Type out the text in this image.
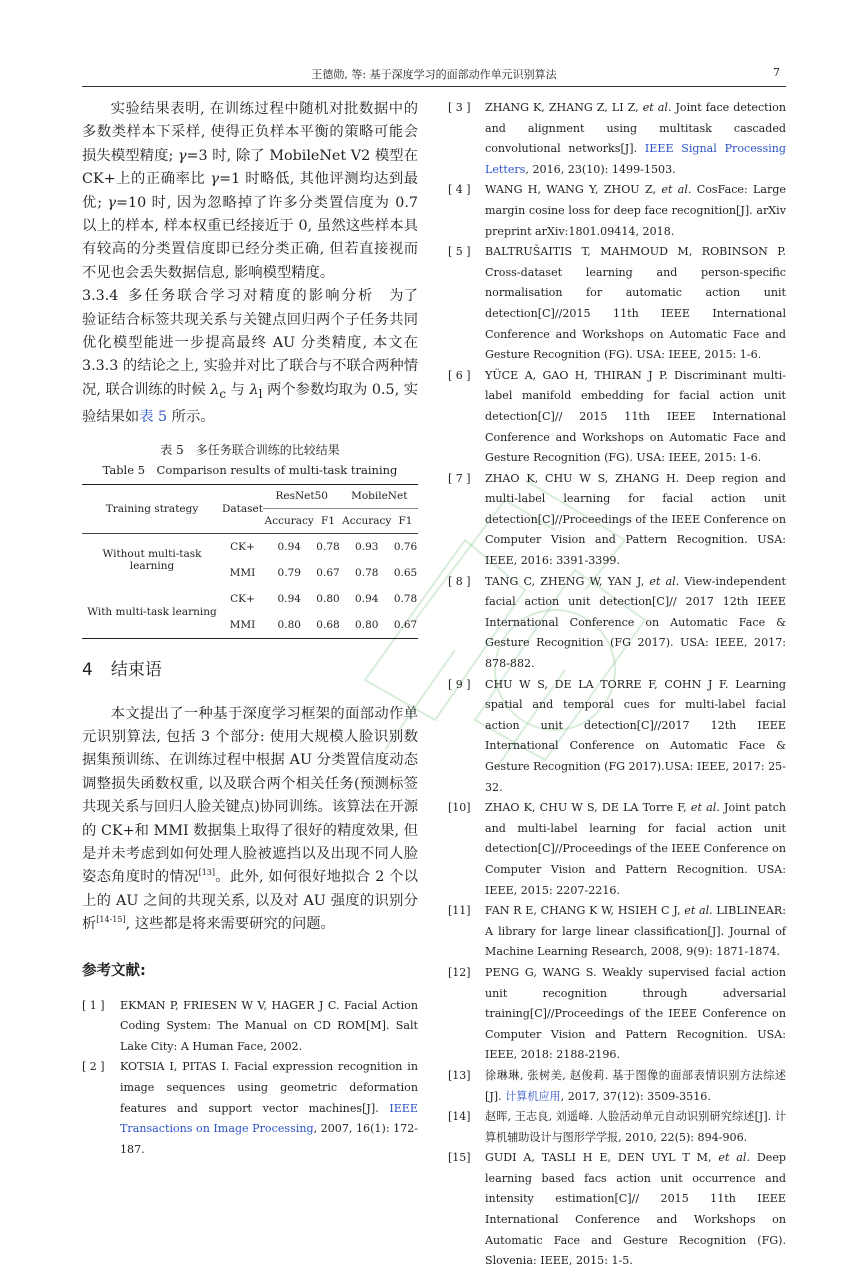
王德勋, 等: 基于深度学习的面部动作单元识别算法	7

实验结果表明, 在训练过程中随机对批数据中的多数类样本下采样, 使得正负样本平衡的策略可能会损失模型精度; γ=3 时, 除了 MobileNet V2 模型在 CK+上的正确率比 γ=1 时略低, 其他评测均达到最优; γ=10 时, 因为忽略掉了许多分类置信度为 0.7 以上的样本, 样本权重已经接近于 0, 虽然这些样本具有较高的分类置信度即已经分类正确, 但若直接视而不见也会丢失数据信息, 影响模型精度。

3.3.4 多任务联合学习对精度的影响分析 为了验证结合标签共现关系与关键点回归两个子任务共同优化模型能进一步提高最终 AU 分类精度, 本文在 3.3.3 的结论之上, 实验并对比了联合与不联合两种情况, 联合训练的时候 $\lambda_c$ 与 $\lambda_l$ 两个参数均取为 0.5, 实验结果如表 5 所示。

表 5　多任务联合训练的比较结果
Table 5　Comparison results of multi-task training
Training strategy	Dataset	ResNet50		MobileNet	
		Accuracy	F1	Accuracy	F1
Without multi-task learning	CK+	0.94	0.78	0.93	0.76
	MMI	0.79	0.67	0.78	0.65
With multi-task learning	CK+	0.94	0.80	0.94	0.78
	MMI	0.80	0.68	0.80	0.67
4 结束语

本文提出了一种基于深度学习框架的面部动作单元识别算法, 包括 3 个部分: 使用大规模人脸识别数据集预训练、在训练过程中根据 AU 分类置信度动态调整损失函数权重, 以及联合两个相关任务(预测标签共现关系与回归人脸关键点)协同训练。该算法在开源的 CK+和 MMI 数据集上取得了很好的精度效果, 但是并未考虑到如何处理人脸被遮挡以及出现不同人脸姿态角度时的情况[13]。此外, 如何很好地拟合 2 个以上的 AU 之间的共现关系, 以及对 AU 强度的识别分析[14-15], 这些都是将来需要研究的问题。

参考文献:

[ 1 ] EKMAN P, FRIESEN W V, HAGER J C. Facial Action Coding System: The Manual on CD ROM[M]. Salt Lake City: A Human Face, 2002.

[ 2 ] KOTSIA I, PITAS I. Facial expression recognition in image sequences using geometric deformation features and support vector machines[J]. IEEE Transactions on Image Processing, 2007, 16(1): 172-187.

[ 3 ] ZHANG K, ZHANG Z, LI Z, et al. Joint face detection and alignment using multitask cascaded convolutional networks[J]. IEEE Signal Processing Letters, 2016, 23(10): 1499-1503.

[ 4 ] WANG H, WANG Y, ZHOU Z, et al. CosFace: Large margin cosine loss for deep face recognition[J]. arXiv preprint arXiv:1801.09414, 2018.

[ 5 ] BALTRUŠAITIS T, MAHMOUD M, ROBINSON P. Cross-dataset learning and person-specific normalisation for automatic action unit detection[C]//2015 11th IEEE International Conference and Workshops on Automatic Face and Gesture Recognition (FG). USA: IEEE, 2015: 1-6.

[ 6 ] YÜCE A, GAO H, THIRAN J P. Discriminant multi-label manifold embedding for facial action unit detection[C]// 2015 11th IEEE International Conference and Workshops on Automatic Face and Gesture Recognition (FG). USA: IEEE, 2015: 1-6.

[ 7 ] ZHAO K, CHU W S, ZHANG H. Deep region and multi-label learning for facial action unit detection[C]//Proceedings of the IEEE Conference on Computer Vision and Pattern Recognition. USA: IEEE, 2016: 3391-3399.

[ 8 ] TANG C, ZHENG W, YAN J, et al. View-independent facial action unit detection[C]// 2017 12th IEEE International Conference on Automatic Face & Gesture Recognition (FG 2017). USA: IEEE, 2017: 878-882.

[ 9 ] CHU W S, DE LA TORRE F, COHN J F. Learning spatial and temporal cues for multi-label facial action unit detection[C]//2017 12th IEEE International Conference on Automatic Face & Gesture Recognition (FG 2017).USA: IEEE, 2017: 25-32.

[10] ZHAO K, CHU W S, DE LA Torre F, et al. Joint patch and multi-label learning for facial action unit detection[C]//Proceedings of the IEEE Conference on Computer Vision and Pattern Recognition. USA: IEEE, 2015: 2207-2216.

[11] FAN R E, CHANG K W, HSIEH C J, et al. LIBLINEAR: A library for large linear classification[J]. Journal of Machine Learning Research, 2008, 9(9): 1871-1874.

[12] PENG G, WANG S. Weakly supervised facial action unit recognition through adversarial training[C]//Proceedings of the IEEE Conference on Computer Vision and Pattern Recognition. USA: IEEE, 2018: 2188-2196.

[13] 徐琳琳, 张树美, 赵俊莉. 基于图像的面部表情识别方法综述[J]. 计算机应用, 2017, 37(12): 3509-3516.

[14] 赵晖, 王志良, 刘遥峰. 人脸活动单元自动识别研究综述[J]. 计算机辅助设计与图形学学报, 2010, 22(5): 894-906.

[15] GUDI A, TASLI H E, DEN UYL T M, et al. Deep learning based facs action unit occurrence and intensity estimation[C]// 2015 11th IEEE International Conference and Workshops on Automatic Face and Gesture Recognition (FG). Slovenia: IEEE, 2015: 1-5.
